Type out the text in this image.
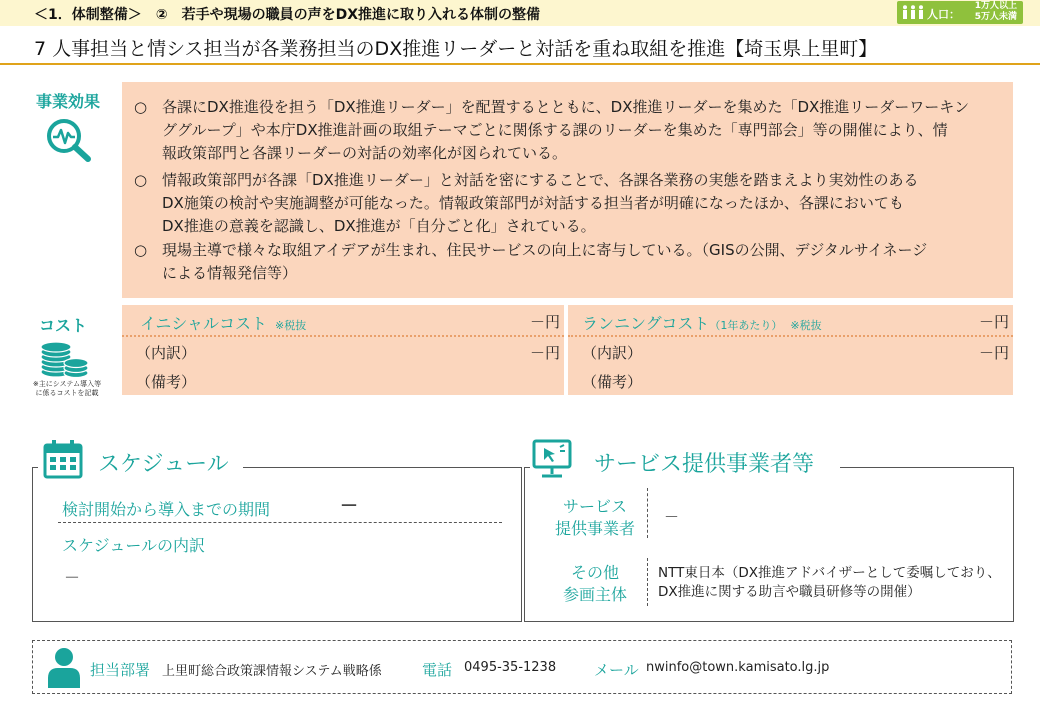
＜1．体制整備＞　②　若手や現場の職員の声をDX推進に取り入れる体制の整備	人口：
1万人以上
5万人未満
7 人事担当と情シス担当が各業務担当のDX推進リーダーと対話を重ね取組を推進【埼玉県上里町】
事業効果	○ 各課にDX推進役を担う「DX推進リーダー」を配置するとともに、DX推進リーダーを集めた「DX推進リーダーワーキン
ググループ」や本庁DX推進計画の取組テーマごとに関係する課のリーダーを集めた「専門部会」等の開催により、情
報政策部門と各課リーダーの対話の効率化が図られている。
○ 情報政策部門が各課「DX推進リーダー」と対話を密にすることで、各課各業務の実態を踏まえより実効性のある
DX施策の検討や実施調整が可能なった。情報政策部門が対話する担当者が明確になったほか、各課においても
DX推進の意義を認識し、DX推進が「自分ごと化」されている。
○ 現場主導で様々な取組アイデアが生まれ、住民サービスの向上に寄与している。（GISの公開、デジタルサイネージ
による情報発信等）
コスト
※主にシステム導入等
に係るコストを記載
イニシャルコスト ※税抜	－円
（内訳）	－円
（備考）
ランニングコスト（1年あたり） ※税抜	－円
（内訳）	－円
（備考）
スケジュール
検討開始から導入までの期間	－
スケジュールの内訳
－
サービス提供事業者等
サービス
提供事業者
－
その他
参画主体
NTT東日本（DX推進アドバイザーとして委嘱しており、
DX推進に関する助言や職員研修等の開催）
担当部署 上里町総合政策課情報システム戦略係	電話 0495-35-1238	メール nwinfo@town.kamisato.lg.jp
